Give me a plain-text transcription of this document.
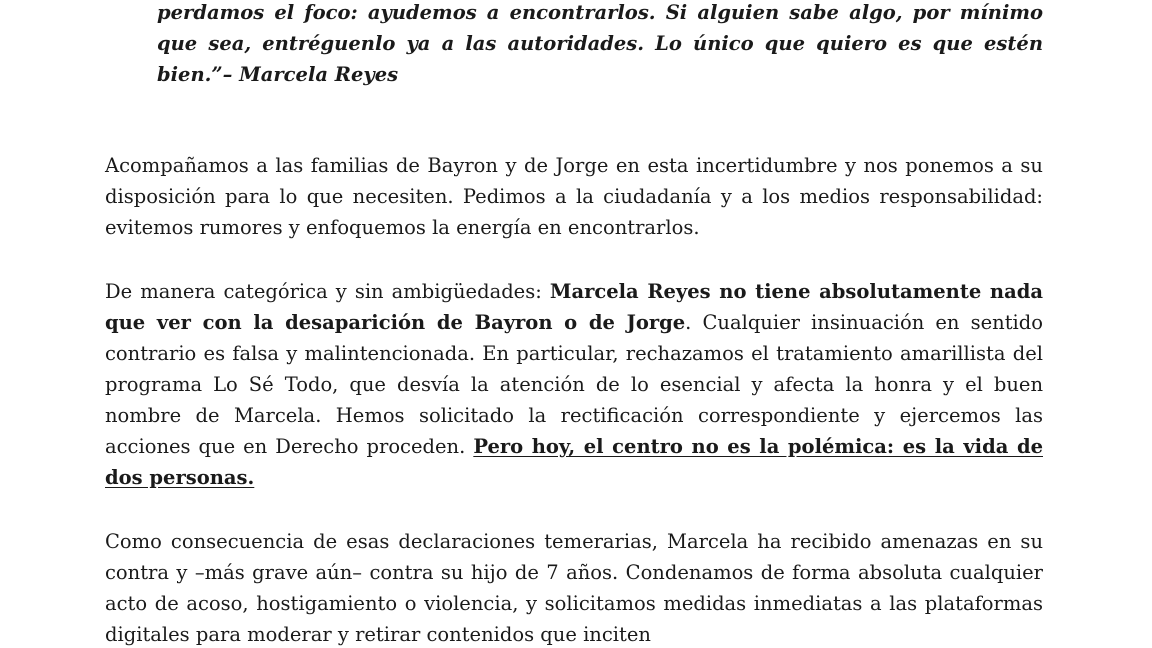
perdamos el foco: ayudemos a encontrarlos. Si alguien sabe algo, por mínimo que sea, entréguenlo ya a las autoridades. Lo único que quiero es que estén bien.”– Marcela Reyes

Acompañamos a las familias de Bayron y de Jorge en esta incertidumbre y nos ponemos a su disposición para lo que necesiten. Pedimos a la ciudadanía y a los medios responsabilidad: evitemos rumores y enfoquemos la energía en encontrarlos.

De manera categórica y sin ambigüedades: Marcela Reyes no tiene absolutamente nada que ver con la desaparición de Bayron o de Jorge. Cualquier insinuación en sentido contrario es falsa y malintencionada. En particular, rechazamos el tratamiento amarillista del programa Lo Sé Todo, que desvía la atención de lo esencial y afecta la honra y el buen nombre de Marcela. Hemos solicitado la rectificación correspondiente y ejercemos las acciones que en Derecho proceden. Pero hoy, el centro no es la polémica: es la vida de dos personas.

Como consecuencia de esas declaraciones temerarias, Marcela ha recibido amenazas en su contra y –más grave aún– contra su hijo de 7 años. Condenamos de forma absoluta cualquier acto de acoso, hostigamiento o violencia, y solicitamos medidas inmediatas a las plataformas digitales para moderar y retirar contenidos que inciten
